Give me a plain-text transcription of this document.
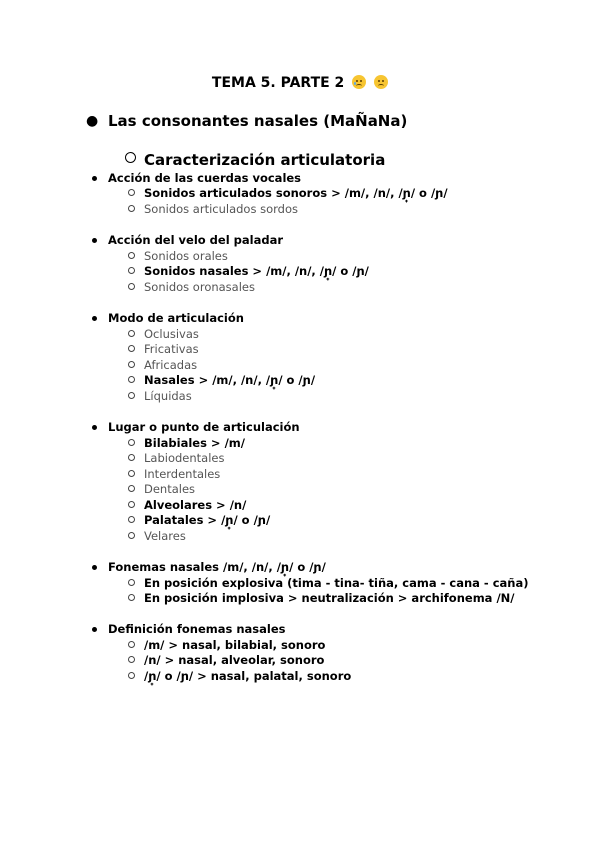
TEMA 5. PARTE 2

● Las consonantes nasales (MaÑaNa)
Caracterización articulatoria
Acción de las cuerdas vocales
Sonidos articulados sonoros > /m/, /n/, /ɲ̟/ o /ɲ/
Sonidos articulados sordos
Acción del velo del paladar
Sonidos orales
Sonidos nasales > /m/, /n/, /ɲ̟/ o /ɲ/
Sonidos oronasales
Modo de articulación
Oclusivas
Fricativas
Africadas
Nasales > /m/, /n/, /ɲ̟/ o /ɲ/
Líquidas
Lugar o punto de articulación
Bilabiales > /m/
Labiodentales
Interdentales
Dentales
Alveolares > /n/
Palatales > /ɲ̟/ o /ɲ/
Velares
Fonemas nasales /m/, /n/, /ɲ̟/ o /ɲ/
En posición explosiva (tima - tina- tiña, cama - cana - caña)
En posición implosiva > neutralización > archifonema /N/
Definición fonemas nasales
/m/ > nasal, bilabial, sonoro
/n/ > nasal, alveolar, sonoro
/ɲ̟/ o /ɲ/ > nasal, palatal, sonoro
